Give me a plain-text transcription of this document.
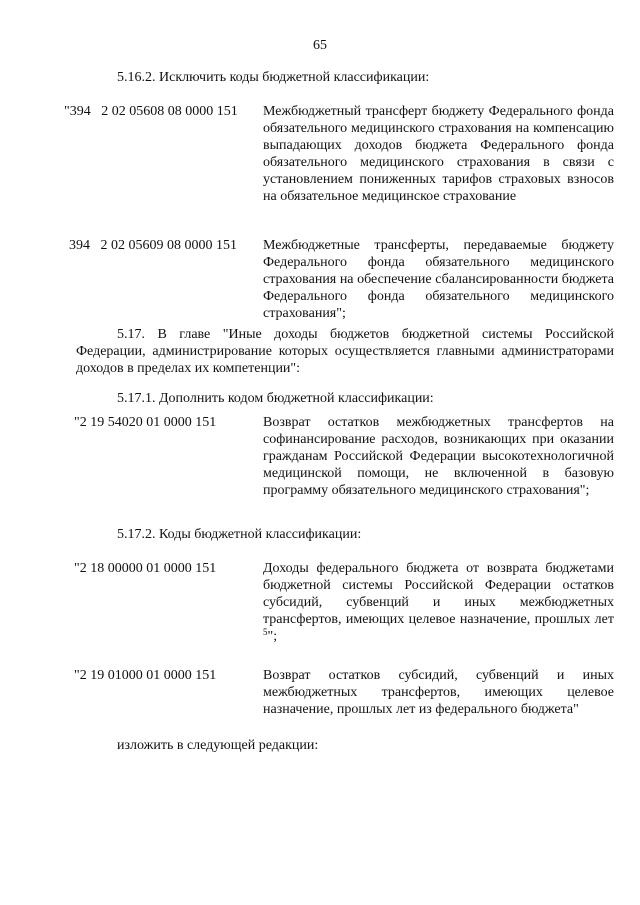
65
5.16.2. Исключить коды бюджетной классификации:
"394   2 02 05608 08 0000 151 Межбюджетный трансферт бюджету Федерального фонда обязательного медицинского страхования на компенсацию выпадающих доходов бюджета Федерального фонда обязательного медицинского страхования в связи с установлением пониженных тарифов страховых взносов на обязательное медицинское страхование
394   2 02 05609 08 0000 151 Межбюджетные трансферты, передаваемые бюджету Федерального фонда обязательного медицинского страхования на обеспечение сбалансированности бюджета Федерального фонда обязательного медицинского страхования";
5.17. В главе "Иные доходы бюджетов бюджетной системы Российской Федерации, администрирование которых осуществляется главными администраторами доходов в пределах их компетенции":
5.17.1. Дополнить кодом бюджетной классификации:
"2 19 54020 01 0000 151	Возврат остатков межбюджетных трансфертов на софинансирование расходов, возникающих при оказании гражданам Российской Федерации высокотехнологичной медицинской помощи, не включенной в базовую программу обязательного медицинского страхования";
5.17.2. Коды бюджетной классификации:
"2 18 00000 01 0000 151	Доходы федерального бюджета от возврата бюджетами бюджетной системы Российской Федерации остатков субсидий, субвенций и иных межбюджетных трансфертов, имеющих целевое назначение, прошлых лет $^5$";
"2 19 01000 01 0000 151	Возврат остатков субсидий, субвенций и иных межбюджетных трансфертов, имеющих целевое назначение, прошлых лет из федерального бюджета"
изложить в следующей редакции:
